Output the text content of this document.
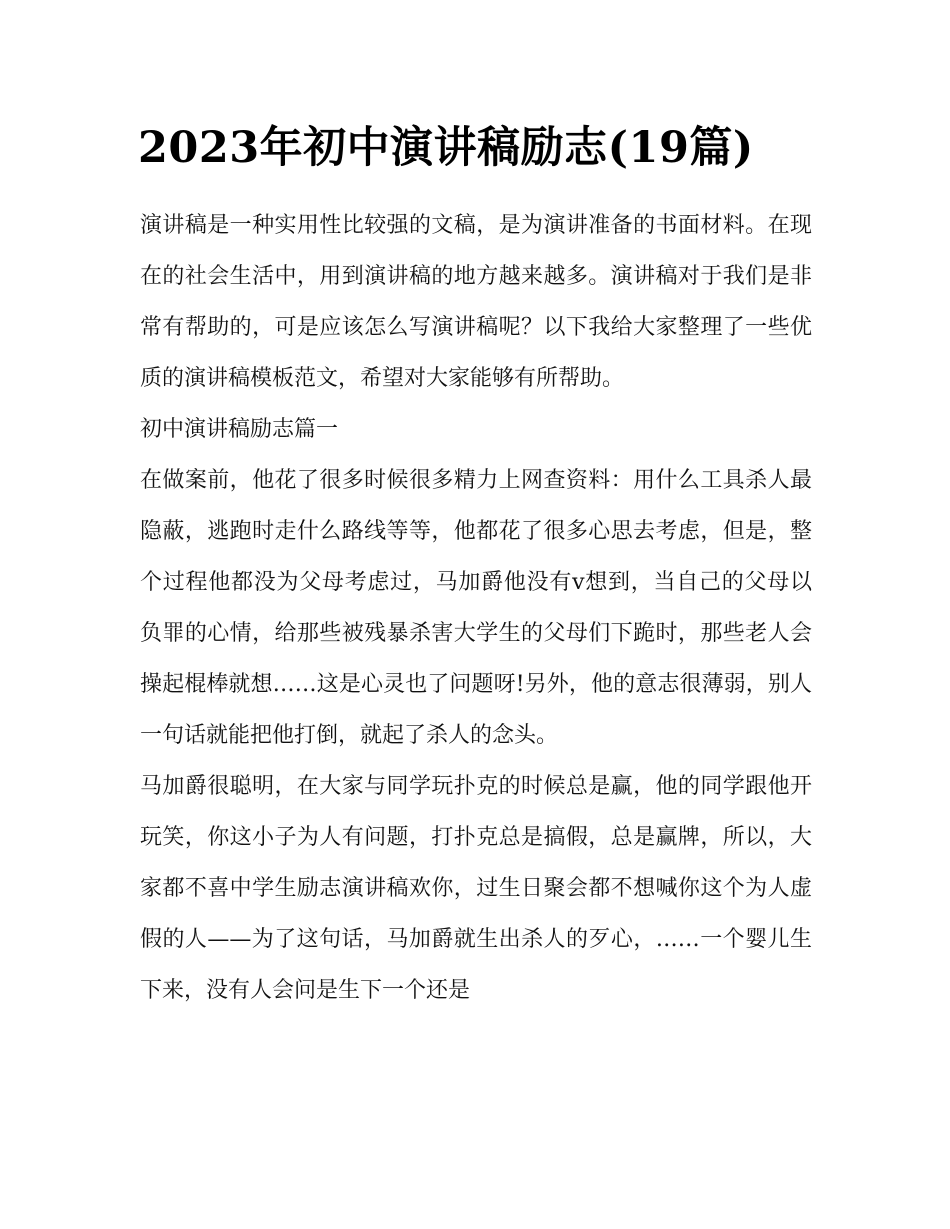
2023年初中演讲稿励志(19篇)

演讲稿是一种实用性比较强的文稿，是为演讲准备的书面材料。在现在的社会生活中，用到演讲稿的地方越来越多。演讲稿对于我们是非常有帮助的，可是应该怎么写演讲稿呢？以下我给大家整理了一些优质的演讲稿模板范文，希望对大家能够有所帮助。

初中演讲稿励志篇一

在做案前，他花了很多时候很多精力上网查资料：用什么工具杀人最隐蔽，逃跑时走什么路线等等，他都花了很多心思去考虑，但是，整个过程他都没为父母考虑过，马加爵他没有v想到，当自己的父母以负罪的心情，给那些被残暴杀害大学生的父母们下跪时，那些老人会操起棍棒就想……这是心灵也了问题呀!另外，他的意志很薄弱，别人一句话就能把他打倒，就起了杀人的念头。

马加爵很聪明，在大家与同学玩扑克的时候总是赢，他的同学跟他开玩笑，你这小子为人有问题，打扑克总是搞假，总是赢牌，所以，大家都不喜中学生励志演讲稿欢你，过生日聚会都不想喊你这个为人虚假的人——为了这句话，马加爵就生出杀人的歹心，……一个婴儿生下来，没有人会问是生下一个还是
